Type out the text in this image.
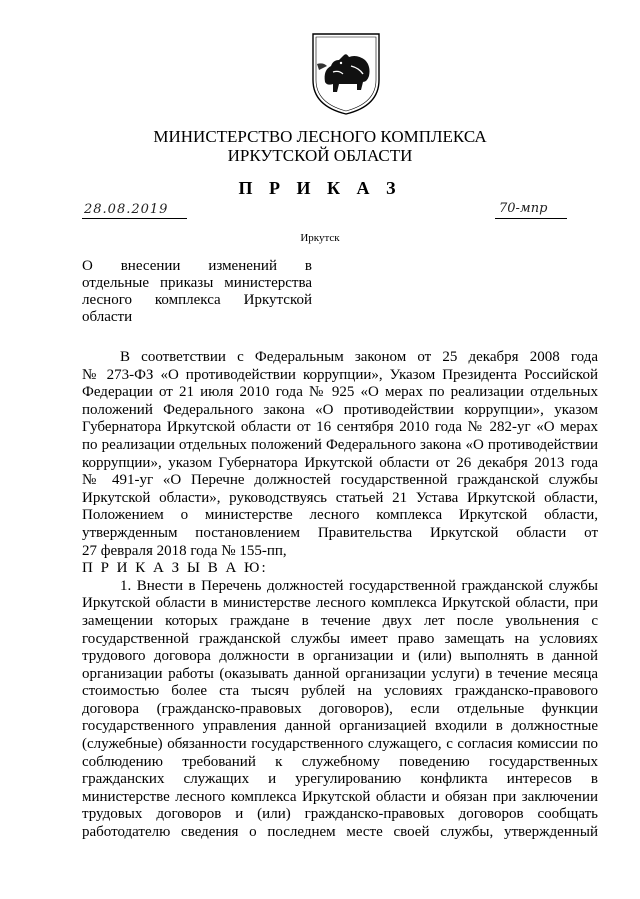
МИНИСТЕРСТВО ЛЕСНОГО КОМПЛЕКСА
ИРКУТСКОЙ ОБЛАСТИ
П Р И К А З
28.08.2019	70-мпр
Иркутск
О внесении изменений в
отдельные приказы министерства
лесного комплекса Иркутской
области
В соответствии с Федеральным законом от 25 декабря 2008 года
№ 273-ФЗ «О противодействии коррупции», Указом Президента Российской
Федерации от 21 июля 2010 года № 925 «О мерах по реализации отдельных
положений Федерального закона «О противодействии коррупции», указом
Губернатора Иркутской области от 16 сентября 2010 года № 282-уг «О мерах
по реализации отдельных положений Федерального закона «О противодействии
коррупции», указом Губернатора Иркутской области от 26 декабря 2013 года
№ 491-уг «О Перечне должностей государственной гражданской службы
Иркутской области», руководствуясь статьей 21 Устава Иркутской области,
Положением о министерстве лесного комплекса Иркутской области,
утвержденным постановлением Правительства Иркутской области от
27 февраля 2018 года № 155-пп,
П Р И К А З Ы В А Ю:
1. Внести в Перечень должностей государственной гражданской службы
Иркутской области в министерстве лесного комплекса Иркутской области, при
замещении которых граждане в течение двух лет после увольнения с
государственной гражданской службы имеет право замещать на условиях
трудового договора должности в организации и (или) выполнять в данной
организации работы (оказывать данной организации услуги) в течение месяца
стоимостью более ста тысяч рублей на условиях гражданско-правового
договора (гражданско-правовых договоров), если отдельные функции
государственного управления данной организацией входили в должностные
(служебные) обязанности государственного служащего, с согласия комиссии по
соблюдению требований к служебному поведению государственных
гражданских служащих и урегулированию конфликта интересов в
министерстве лесного комплекса Иркутской области и обязан при заключении
трудовых договоров и (или) гражданско-правовых договоров сообщать
работодателю сведения о последнем месте своей службы, утвержденный
